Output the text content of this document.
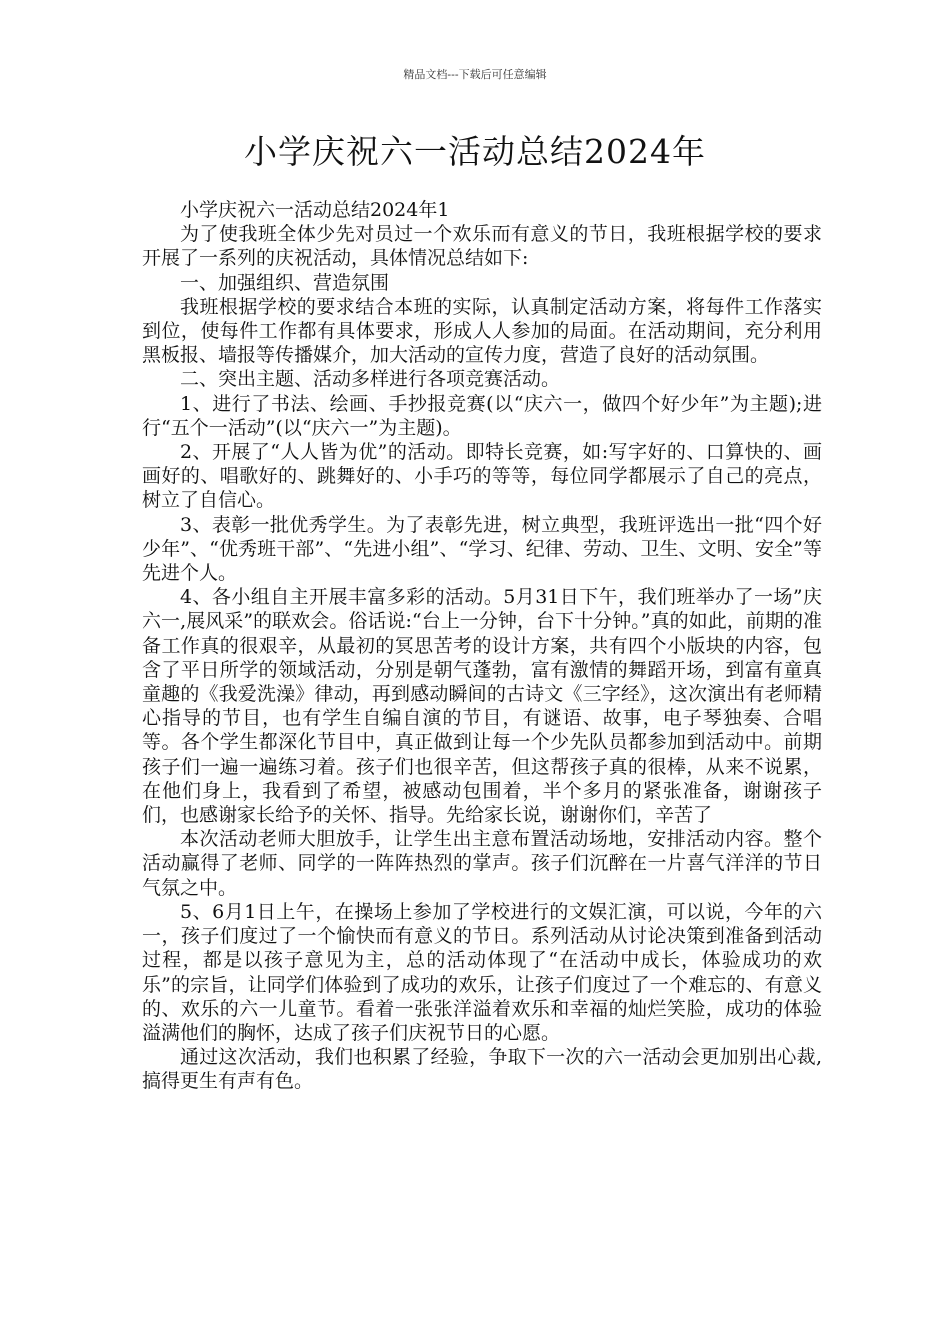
精品文档---下载后可任意编辑
小学庆祝六一活动总结2024年

小学庆祝六一活动总结2024年1

为了使我班全体少先对员过一个欢乐而有意义的节日，我班根据学校的要求开展了一系列的庆祝活动，具体情况总结如下:

一、加强组织、营造氛围

我班根据学校的要求结合本班的实际，认真制定活动方案，将每件工作落实到位，使每件工作都有具体要求，形成人人参加的局面。在活动期间，充分利用黑板报、墙报等传播媒介，加大活动的宣传力度，营造了良好的活动氛围。

二、突出主题、活动多样进行各项竞赛活动。

1、进行了书法、绘画、手抄报竞赛(以“庆六一，做四个好少年”为主题);进行“五个一活动”(以“庆六一”为主题)。

2、开展了“人人皆为优”的活动。即特长竞赛，如:写字好的、口算快的、画画好的、唱歌好的、跳舞好的、小手巧的等等，每位同学都展示了自己的亮点，树立了自信心。

3、表彰一批优秀学生。为了表彰先进，树立典型，我班评选出一批“四个好少年”、“优秀班干部”、“先进小组”、“学习、纪律、劳动、卫生、文明、安全”等先进个人。

4、各小组自主开展丰富多彩的活动。5月31日下午，我们班举办了一场”庆六一,展风采”的联欢会。俗话说:“台上一分钟，台下十分钟。”真的如此，前期的准备工作真的很艰辛，从最初的冥思苦考的设计方案，共有四个小版块的内容，包含了平日所学的领域活动，分别是朝气蓬勃，富有激情的舞蹈开场，到富有童真童趣的《我爱洗澡》律动，再到感动瞬间的古诗文《三字经》，这次演出有老师精心指导的节目，也有学生自编自演的节目，有谜语、故事，电子琴独奏、合唱等。各个学生都深化节目中，真正做到让每一个少先队员都参加到活动中。前期孩子们一遍一遍练习着。孩子们也很辛苦，但这帮孩子真的很棒，从来不说累，在他们身上，我看到了希望，被感动包围着，半个多月的紧张准备，谢谢孩子们，也感谢家长给予的关怀、指导。先给家长说，谢谢你们，辛苦了

本次活动老师大胆放手，让学生出主意布置活动场地，安排活动内容。整个活动赢得了老师、同学的一阵阵热烈的掌声。孩子们沉醉在一片喜气洋洋的节日气氛之中。

5、6月1日上午，在操场上参加了学校进行的文娱汇演，可以说，今年的六一，孩子们度过了一个愉快而有意义的节日。系列活动从讨论决策到准备到活动过程，都是以孩子意见为主，总的活动体现了“在活动中成长，体验成功的欢乐”的宗旨，让同学们体验到了成功的欢乐，让孩子们度过了一个难忘的、有意义的、欢乐的六一儿童节。看着一张张洋溢着欢乐和幸福的灿烂笑脸，成功的体验溢满他们的胸怀，达成了孩子们庆祝节日的心愿。

通过这次活动，我们也积累了经验，争取下一次的六一活动会更加别出心裁,搞得更生有声有色。
